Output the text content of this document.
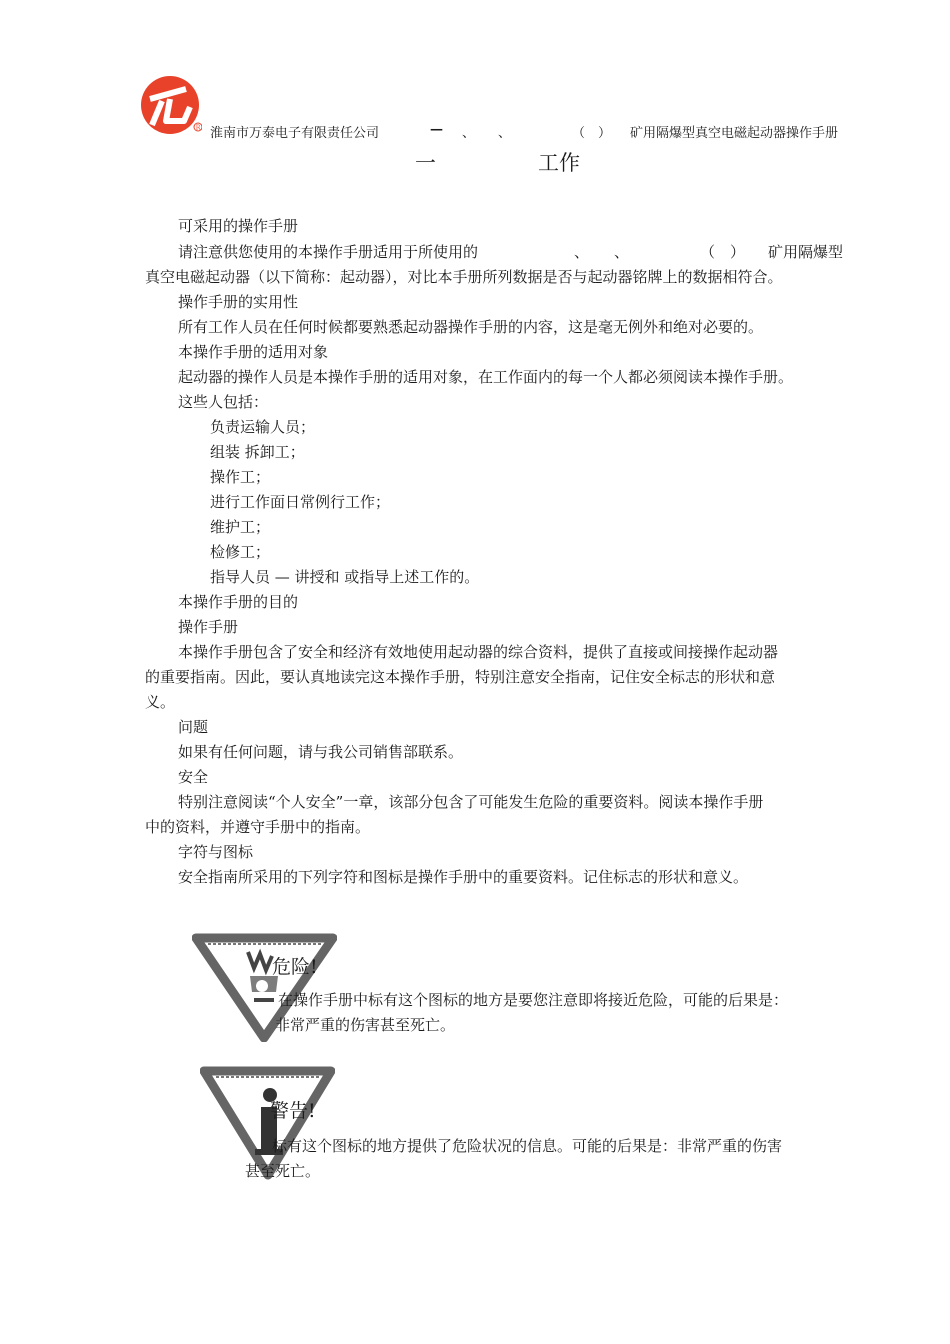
R 淮南市万泰电子有限责任公司	— 、 、	（　） 矿用隔爆型真空电磁起动器操作手册
一	工作
可采用的操作手册
请注意供您使用的本操作手册适用于所使用的	、 、	（　） 矿用隔爆型
真空电磁起动器（以下简称：起动器），对比本手册所列数据是否与起动器铭牌上的数据相符合。
操作手册的实用性
所有工作人员在任何时候都要熟悉起动器操作手册的内容，这是毫无例外和绝对必要的。
本操作手册的适用对象
起动器的操作人员是本操作手册的适用对象，在工作面内的每一个人都必须阅读本操作手册。
这些人包括：
负责运输人员；
组装 拆卸工；
操作工；
进行工作面日常例行工作；
维护工；
检修工；
指导人员 — 讲授和 或指导上述工作的。
本操作手册的目的
操作手册
本操作手册包含了安全和经济有效地使用起动器的综合资料，提供了直接或间接操作起动器
的重要指南。因此，要认真地读完这本操作手册，特别注意安全指南，记住安全标志的形状和意
义。
问题
如果有任何问题，请与我公司销售部联系。
安全
特别注意阅读“个人安全”一章，该部分包含了可能发生危险的重要资料。阅读本操作手册
中的资料，并遵守手册中的指南。
字符与图标
安全指南所采用的下列字符和图标是操作手册中的重要资料。记住标志的形状和意义。
危险!
在操作手册中标有这个图标的地方是要您注意即将接近危险，可能的后果是：
非常严重的伤害甚至死亡。
警告!
标有这个图标的地方提供了危险状况的信息。可能的后果是：非常严重的伤害
甚至死亡。
